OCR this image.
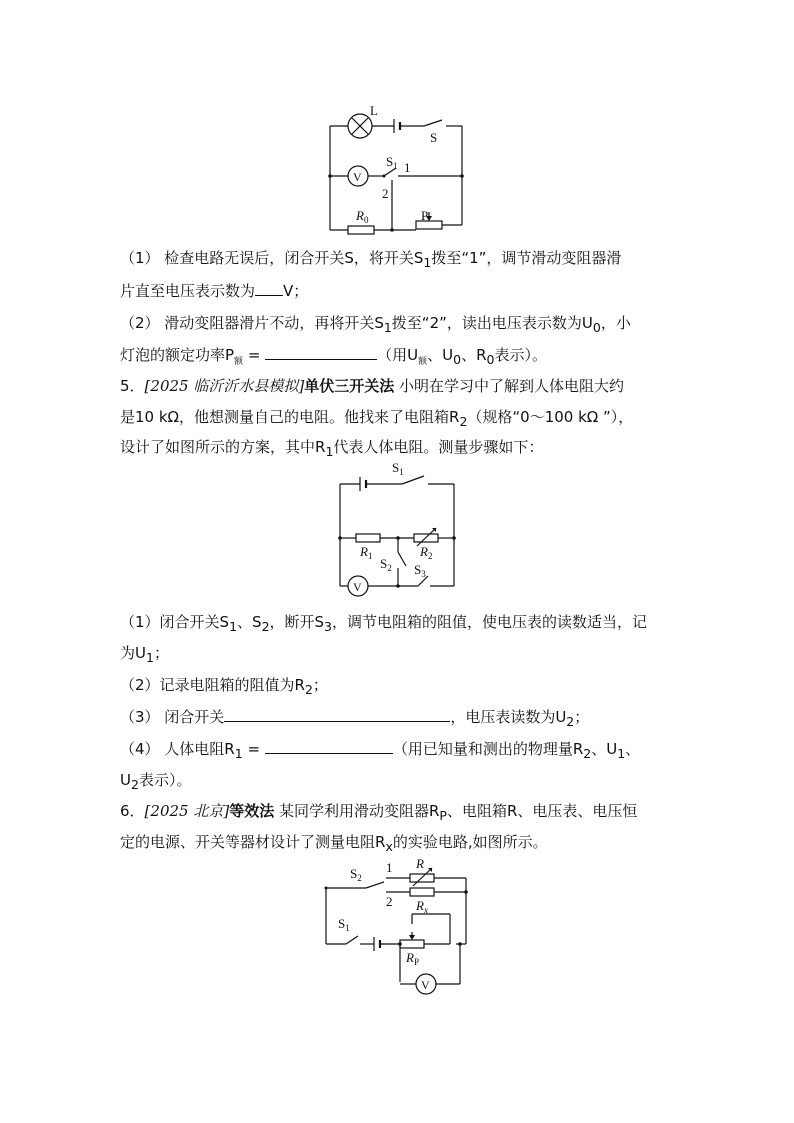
L
S
V
$S_1$ 1
2
$R_0$	P
（1） 检查电路无误后，闭合开关S，将开关$S_1$拨至“1”，调节滑动变阻器滑
片直至电压表示数为 V；
（2） 滑动变阻器滑片不动，再将开关$S_1$拨至“2”，读出电压表示数为$U_0$，小
灯泡的额定功率$P_额$ =	（用$U_额$、$U_0$、$R_0$表示）。
5．[2025 临沂沂水县模拟]单伏三开关法 小明在学习中了解到人体电阻大约
是10 kΩ，他想测量自己的电阻。他找来了电阻箱$R_2$（规格“0～100 kΩ ”），
设计了如图所示的方案，其中$R_1$代表人体电阻。测量步骤如下：
$S_1$
$R_1$	$R_2$
$S_2$ $S_3$
V
（1）闭合开关$S_1$、$S_2$，断开$S_3$，调节电阻箱的阻值，使电压表的读数适当，记
为$U_1$；
（2）记录电阻箱的阻值为$R_2$；
（3） 闭合开关	，电压表读数为$U_2$；
（4） 人体电阻$R_1$ =	（用已知量和测出的物理量$R_2$、$U_1$、
$U_2$表示）。
6．[2025 北京]等效法 某同学利用滑动变阻器$R_P$、电阻箱R、电压表、电压恒
定的电源、开关等器材设计了测量电阻$R_x$的实验电路,如图所示。
$S_2$
1
2
R
$R_x$
$S_1$
$R_P$
V
